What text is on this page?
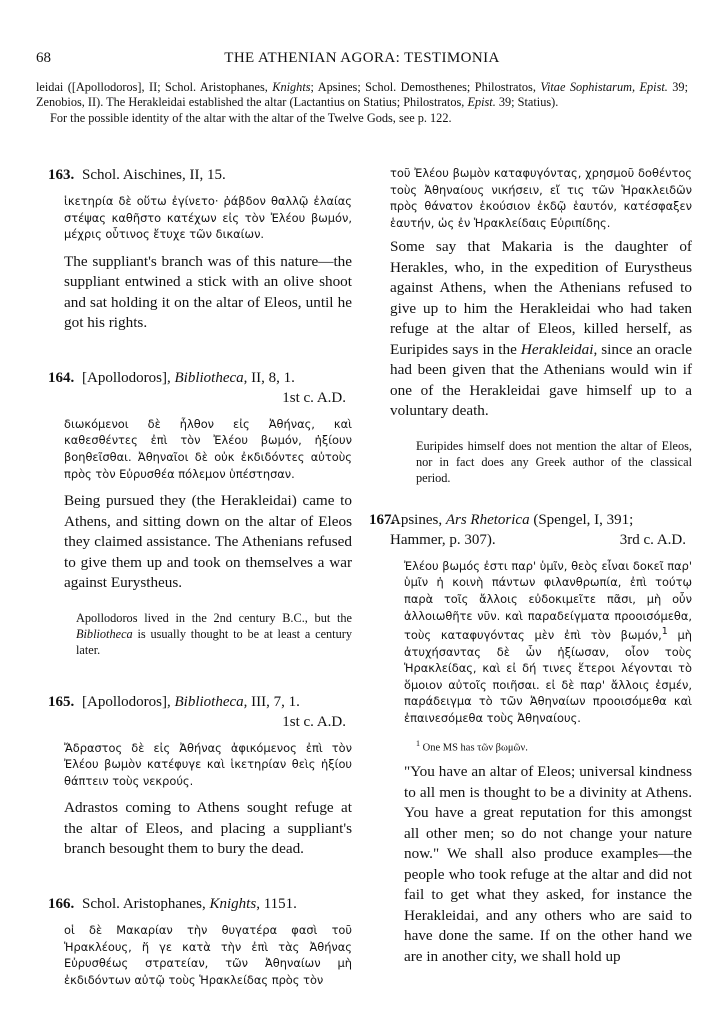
68	THE ATHENIAN AGORA: TESTIMONIA

leidai ([Apollodoros], II; Schol. Aristophanes, Knights; Apsines; Schol. Demosthenes; Philostratos, Vitae Sophistarum, Epist. 39; Zenobios, II). The Herakleidai established the altar (Lactantius on Statius; Philostratos, Epist. 39; Statius).

For the possible identity of the altar with the altar of the Twelve Gods, see p. 122.

163. Schol. Aischines, II, 15.
ἱκετηρία δὲ οὕτω ἐγίνετο· ῥάβδον θαλλῷ ἐλαίας στέψας καθῆστο κατέχων εἰς τὸν Ἐλέου βωμόν, μέχρις οὗτινος ἔτυχε τῶν δικαίων.
The suppliant's branch was of this nature—the suppliant entwined a stick with an olive shoot and sat holding it on the altar of Eleos, until he got his rights.
164. [Apollodoros], Bibliotheca, II, 8, 1.
1st c. A.D.
διωκόμενοι δὲ ἦλθον εἰς Ἀθήνας, καὶ καθεσθέντες ἐπὶ τὸν Ἐλέου βωμόν, ἠξίουν βοηθεῖσθαι. Ἀθηναῖοι δὲ οὐκ ἐκδιδόντες αὐτοὺς πρὸς τὸν Εὐρυσθέα πόλεμον ὑπέστησαν.
Being pursued they (the Herakleidai) came to Athens, and sitting down on the altar of Eleos they claimed assistance. The Athenians refused to give them up and took on themselves a war against Eurystheus.
Apollodoros lived in the 2nd century B.C., but the Bibliotheca is usually thought to be at least a century later.
165. [Apollodoros], Bibliotheca, III, 7, 1.
1st c. A.D.
Ἄδραστος δὲ εἰς Ἀθήνας ἀφικόμενος ἐπὶ τὸν Ἐλέου βωμὸν κατέφυγε καὶ ἱκετηρίαν θεὶς ἠξίου θάπτειν τοὺς νεκρούς.
Adrastos coming to Athens sought refuge at the altar of Eleos, and placing a suppliant's branch besought them to bury the dead.
166. Schol. Aristophanes, Knights, 1151.
οἱ δὲ Μακαρίαν τὴν θυγατέρα φασὶ τοῦ Ἡρακλέους, ἥ γε κατὰ τὴν ἐπὶ τὰς Ἀθήνας Εὐρυσθέως στρατείαν, τῶν Ἀθηναίων μὴ ἐκδιδόντων αὐτῷ τοὺς Ἡρακλείδας πρὸς τὸν
τοῦ Ἐλέου βωμὸν καταφυγόντας, χρησμοῦ δοθέντος τοὺς Ἀθηναίους νικήσειν, εἴ τις τῶν Ἡρακλειδῶν πρὸς θάνατον ἑκούσιον ἐκδῷ ἑαυτόν, κατέσφαξεν ἑαυτήν, ὡς ἐν Ἡρακλείδαις Εὐριπίδης.
Some say that Makaria is the daughter of Herakles, who, in the expedition of Eurystheus against Athens, when the Athenians refused to give up to him the Herakleidai who had taken refuge at the altar of Eleos, killed herself, as Euripides says in the Herakleidai, since an oracle had been given that the Athenians would win if one of the Herakleidai gave himself up to a voluntary death.
Euripides himself does not mention the altar of Eleos, nor in fact does any Greek author of the classical period.
167.
Apsines, Ars Rhetorica (Spengel, I, 391; Hammer, p. 307).	3rd c. A.D.
Ἐλέου βωμός ἐστι παρ' ὑμῖν, θεὸς εἶναι δοκεῖ παρ' ὑμῖν ἡ κοινὴ πάντων φιλανθρωπία, ἐπὶ τούτῳ παρὰ τοῖς ἄλλοις εὐδοκιμεῖτε πᾶσι, μὴ οὖν ἀλλοιωθῆτε νῦν. καὶ παραδείγματα προοισόμεθα, τοὺς καταφυγόντας μὲν ἐπὶ τὸν βωμόν,$^1$ μὴ ἀτυχήσαντας δὲ ὧν ἠξίωσαν, οἷον τοὺς Ἡρακλείδας, καὶ εἰ δή τινες ἕτεροι λέγονται τὸ ὅμοιον αὐτοῖς ποιῆσαι. εἰ δὲ παρ' ἄλλοις ἐσμέν, παράδειγμα τὸ τῶν Ἀθηναίων προοισόμεθα καὶ ἐπαινεσόμεθα τοὺς Ἀθηναίους.
$^1$ One MS has τῶν βωμῶν.
"You have an altar of Eleos; universal kindness to all men is thought to be a divinity at Athens. You have a great reputation for this amongst all other men; so do not change your nature now." We shall also produce examples—the people who took refuge at the altar and did not fail to get what they asked, for instance the Herakleidai, and any others who are said to have done the same. If on the other hand we are in another city, we shall hold up
